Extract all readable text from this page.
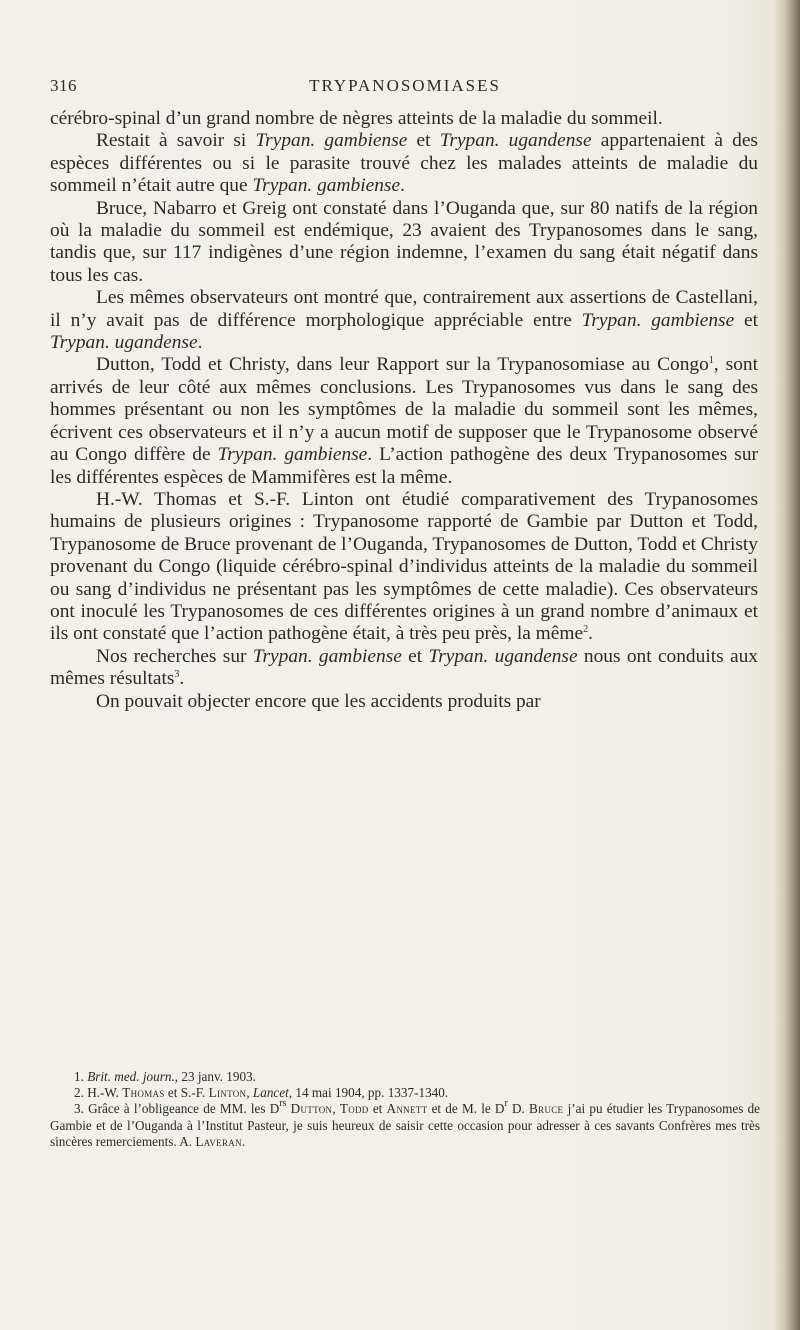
316	TRYPANOSOMIASES

cérébro-spinal d’un grand nombre de nègres atteints de la maladie du sommeil.

Restait à savoir si Trypan. gambiense et Trypan. ugandense appartenaient à des espèces différentes ou si le parasite trouvé chez les malades atteints de maladie du sommeil n’était autre que Trypan. gambiense.

Bruce, Nabarro et Greig ont constaté dans l’Ouganda que, sur 80 natifs de la région où la maladie du sommeil est endémique, 23 avaient des Trypanosomes dans le sang, tandis que, sur 117 indigènes d’une région indemne, l’examen du sang était négatif dans tous les cas.

Les mêmes observateurs ont montré que, contrairement aux assertions de Castellani, il n’y avait pas de différence morphologique appréciable entre Trypan. gambiense et Trypan. ugandense.

Dutton, Todd et Christy, dans leur Rapport sur la Trypanosomiase au Congo$^1$, sont arrivés de leur côté aux mêmes conclusions. Les Trypanosomes vus dans le sang des hommes présentant ou non les symptômes de la maladie du sommeil sont les mêmes, écrivent ces observateurs et il n’y a aucun motif de supposer que le Trypanosome observé au Congo diffère de Trypan. gambiense. L’action pathogène des deux Trypanosomes sur les différentes espèces de Mammifères est la même.

H.-W. Thomas et S.-F. Linton ont étudié comparativement des Trypanosomes humains de plusieurs origines : Trypanosome rapporté de Gambie par Dutton et Todd, Trypanosome de Bruce provenant de l’Ouganda, Trypanosomes de Dutton, Todd et Christy provenant du Congo (liquide cérébro-spinal d’individus atteints de la maladie du sommeil ou sang d’individus ne présentant pas les symptômes de cette maladie). Ces observateurs ont inoculé les Trypanosomes de ces différentes origines à un grand nombre d’animaux et ils ont constaté que l’action pathogène était, à très peu près, la même$^2$.

Nos recherches sur Trypan. gambiense et Trypan. ugandense nous ont conduits aux mêmes résultats$^3$.

On pouvait objecter encore que les accidents produits par

1. Brit. med. journ., 23 janv. 1903.

2. H.-W. Thomas et S.-F. Linton, Lancet, 14 mai 1904, pp. 1337-1340.

3. Grâce à l’obligeance de MM. les $D^{rs}$ Dutton, Todd et Annett et de M. le $D^r$ D. Bruce j’ai pu étudier les Trypanosomes de Gambie et de l’Ouganda à l’Institut Pasteur, je suis heureux de saisir cette occasion pour adresser à ces savants Confrères mes très sincères remerciements. A. Laveran.
